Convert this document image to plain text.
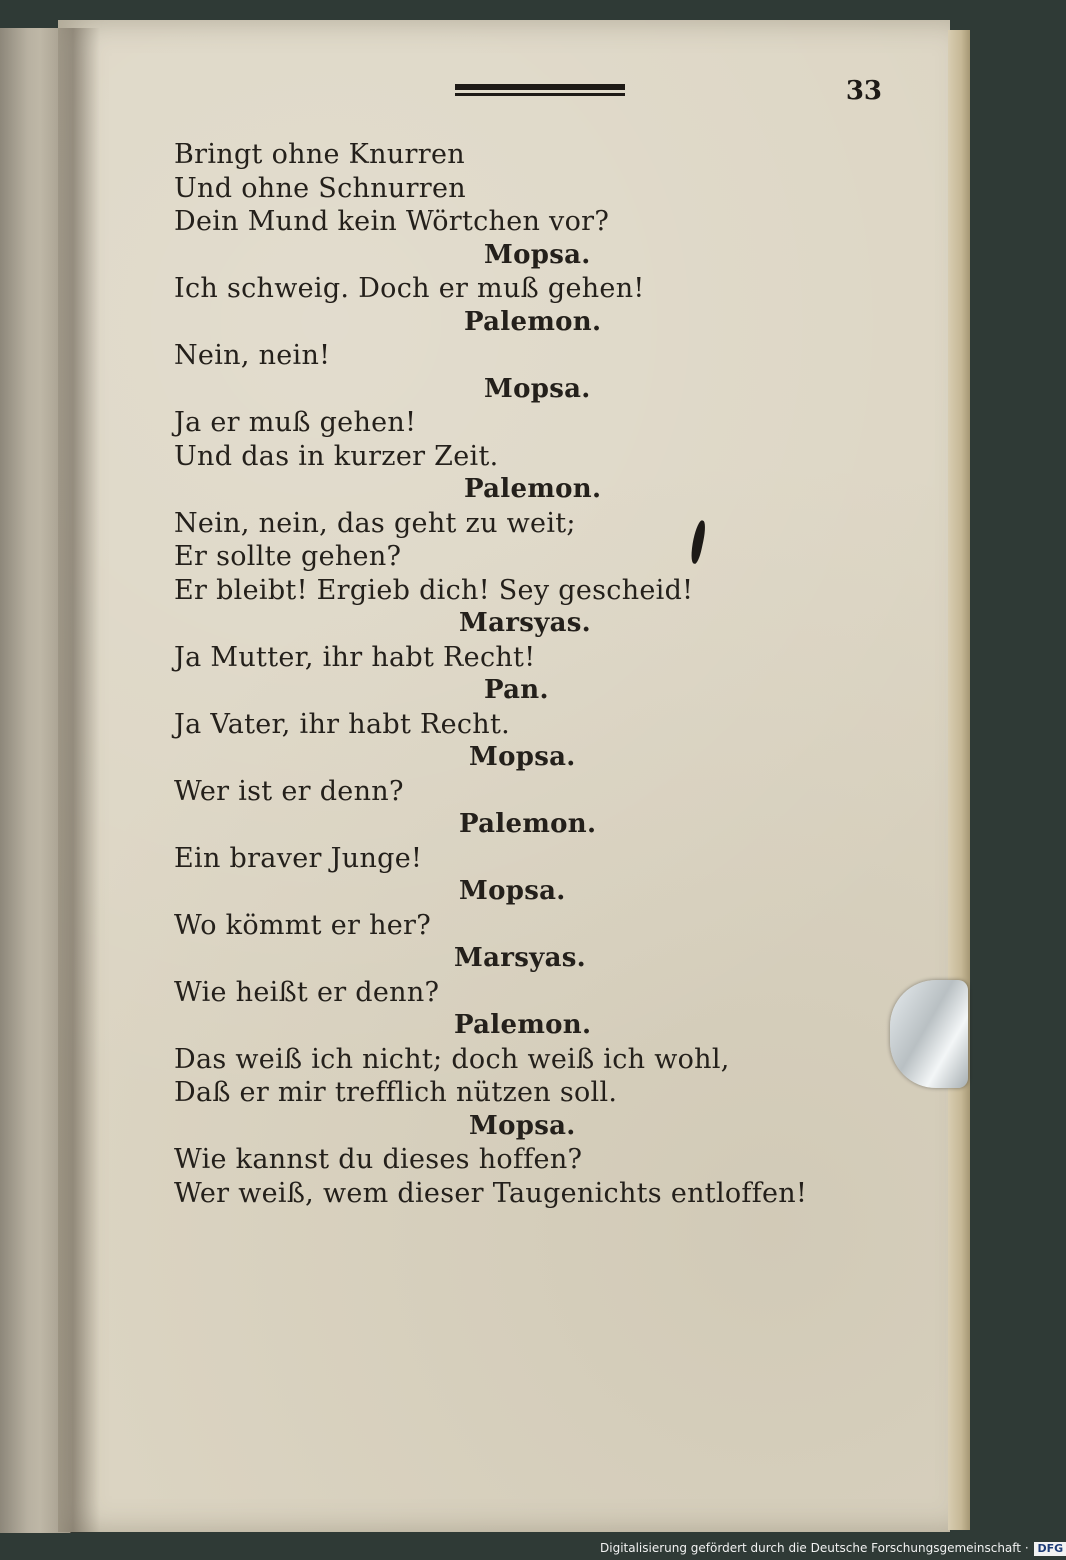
33
Bringt ohne Knurren
Und ohne Schnurren
Dein Mund kein Wörtchen vor?
Mopsa.
Ich schweig. Doch er muß gehen!
Palemon.
Nein, nein!
Mopsa.
Ja er muß gehen!
Und das in kurzer Zeit.
Palemon.
Nein, nein, das geht zu weit;
Er sollte gehen?
Er bleibt! Ergieb dich! Sey gescheid!
Marsyas.
Ja Mutter, ihr habt Recht!
Pan.
Ja Vater, ihr habt Recht.
Mopsa.
Wer ist er denn?
Palemon.
Ein braver Junge!
Mopsa.
Wo kömmt er her?
Marsyas.
Wie heißt er denn?
Palemon.
Das weiß ich nicht; doch weiß ich wohl,
Daß er mir trefflich nützen soll.
Mopsa.
Wie kannst du dieses hoffen?
Wer weiß, wem dieser Taugenichts entloffen!
Digitalisierung gefördert durch die Deutsche Forschungsgemeinschaft · DFG
